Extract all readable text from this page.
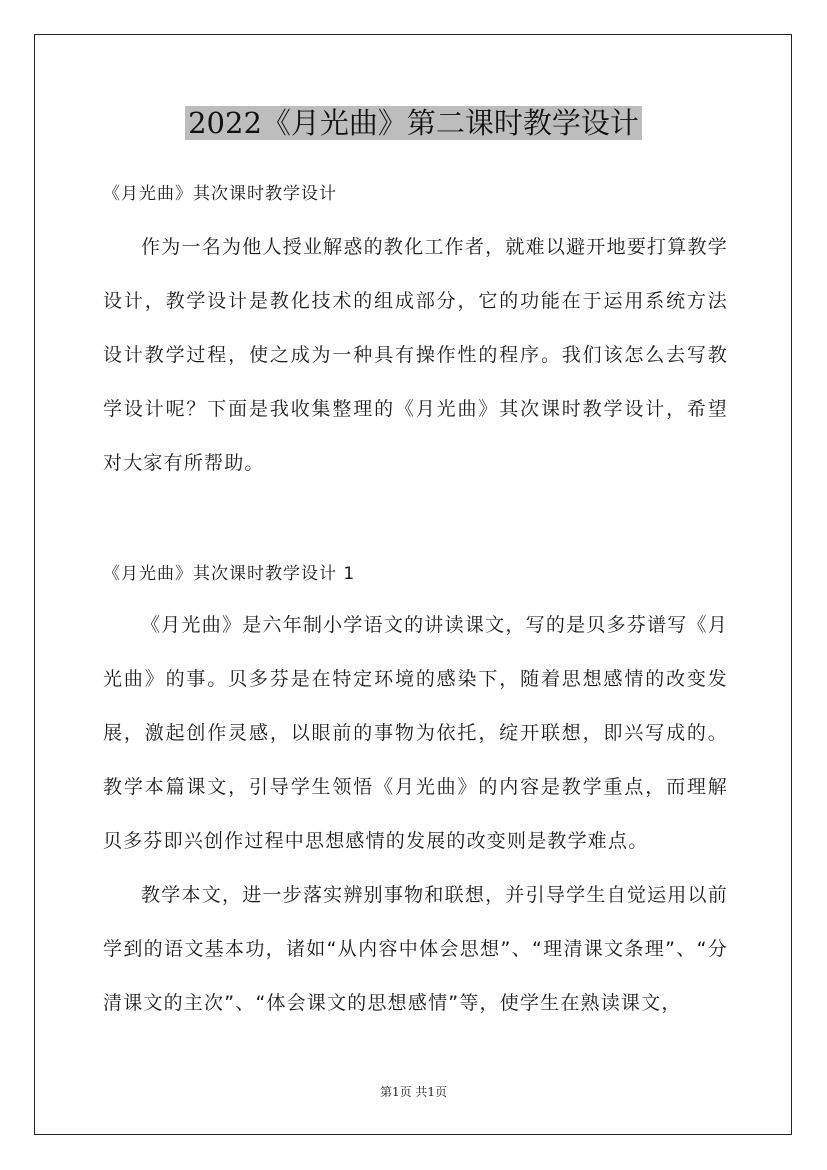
2022《月光曲》第二课时教学设计
《月光曲》其次课时教学设计

作为一名为他人授业解惑的教化工作者，就难以避开地要打算教学设计，教学设计是教化技术的组成部分，它的功能在于运用系统方法设计教学过程，使之成为一种具有操作性的程序。我们该怎么去写教学设计呢？下面是我收集整理的《月光曲》其次课时教学设计，希望对大家有所帮助。

《月光曲》其次课时教学设计 1

《月光曲》是六年制小学语文的讲读课文，写的是贝多芬谱写《月光曲》的事。贝多芬是在特定环境的感染下，随着思想感情的改变发展，激起创作灵感，以眼前的事物为依托，绽开联想，即兴写成的。教学本篇课文，引导学生领悟《月光曲》的内容是教学重点，而理解贝多芬即兴创作过程中思想感情的发展的改变则是教学难点。

教学本文，进一步落实辨别事物和联想，并引导学生自觉运用以前学到的语文基本功，诸如“从内容中体会思想”、“理清课文条理”、“分清课文的主次”、“体会课文的思想感情”等，使学生在熟读课文，

第1页 共1页
